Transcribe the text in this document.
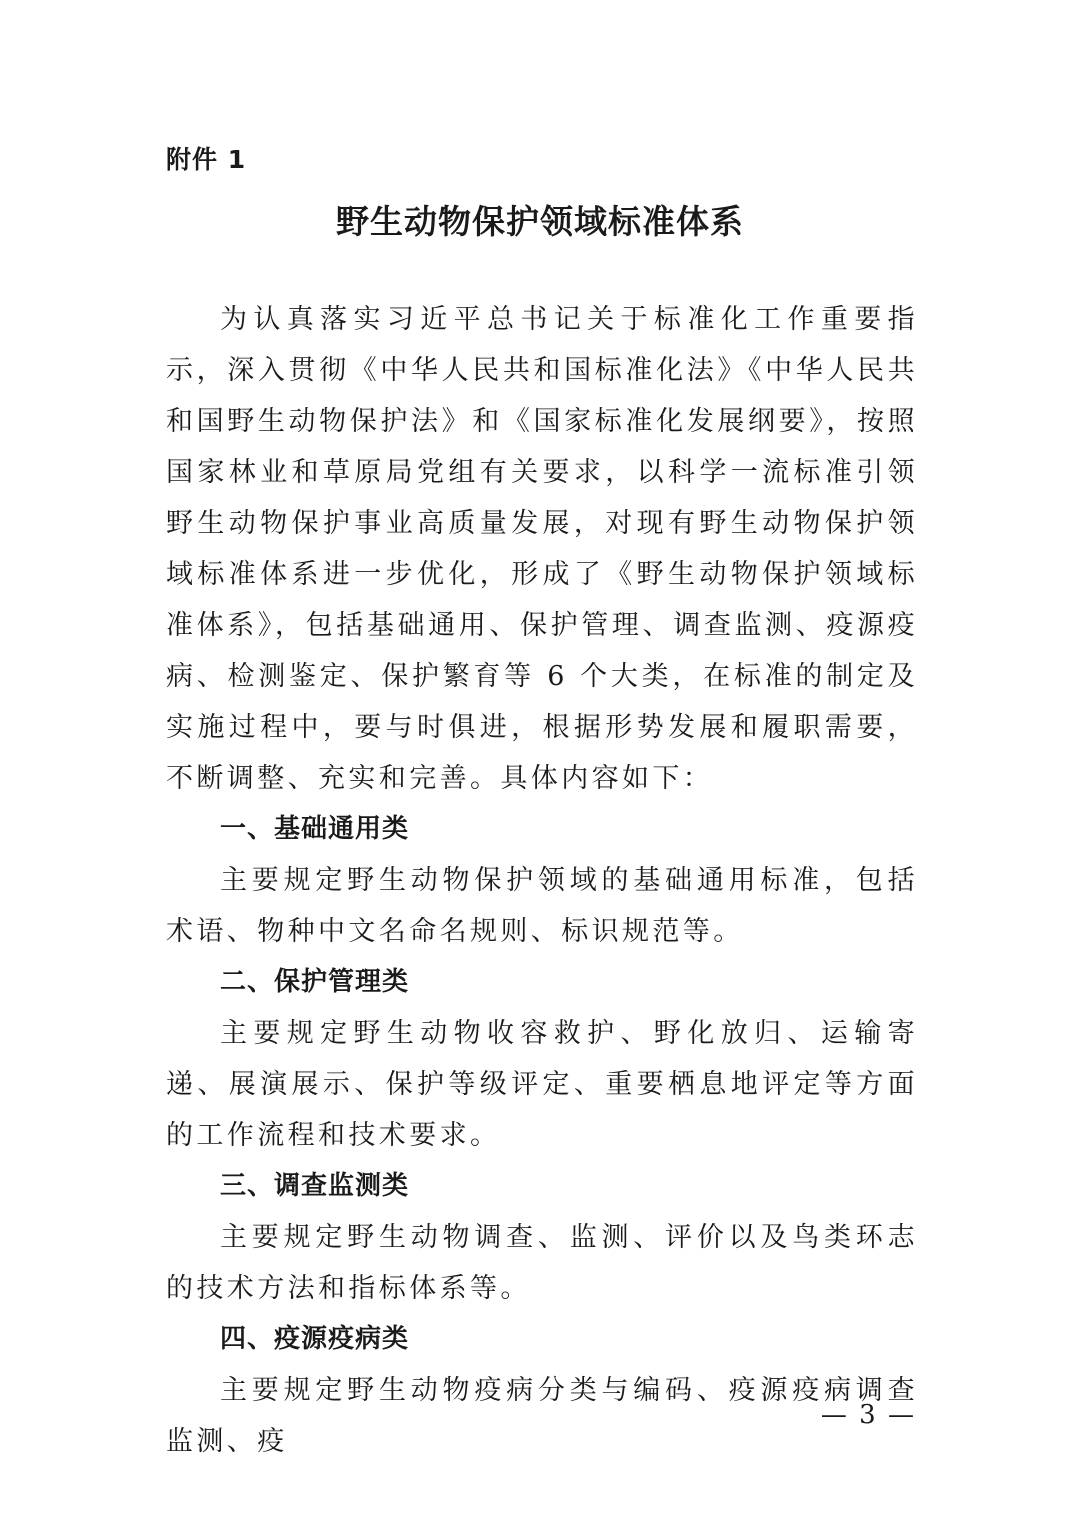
附件 1
野生动物保护领域标准体系

为认真落实习近平总书记关于标准化工作重要指示，深入贯彻《中华人民共和国标准化法》《中华人民共和国野生动物保护法》和《国家标准化发展纲要》，按照国家林业和草原局党组有关要求，以科学一流标准引领野生动物保护事业高质量发展，对现有野生动物保护领域标准体系进一步优化，形成了《野生动物保护领域标准体系》，包括基础通用、保护管理、调查监测、疫源疫病、检测鉴定、保护繁育等 6 个大类，在标准的制定及实施过程中，要与时俱进，根据形势发展和履职需要，不断调整、充实和完善。具体内容如下：

一、基础通用类

主要规定野生动物保护领域的基础通用标准，包括术语、物种中文名命名规则、标识规范等。

二、保护管理类

主要规定野生动物收容救护、野化放归、运输寄递、展演展示、保护等级评定、重要栖息地评定等方面的工作流程和技术要求。

三、调查监测类

主要规定野生动物调查、监测、评价以及鸟类环志的技术方法和指标体系等。

四、疫源疫病类

主要规定野生动物疫病分类与编码、疫源疫病调查监测、疫

— 3 —
